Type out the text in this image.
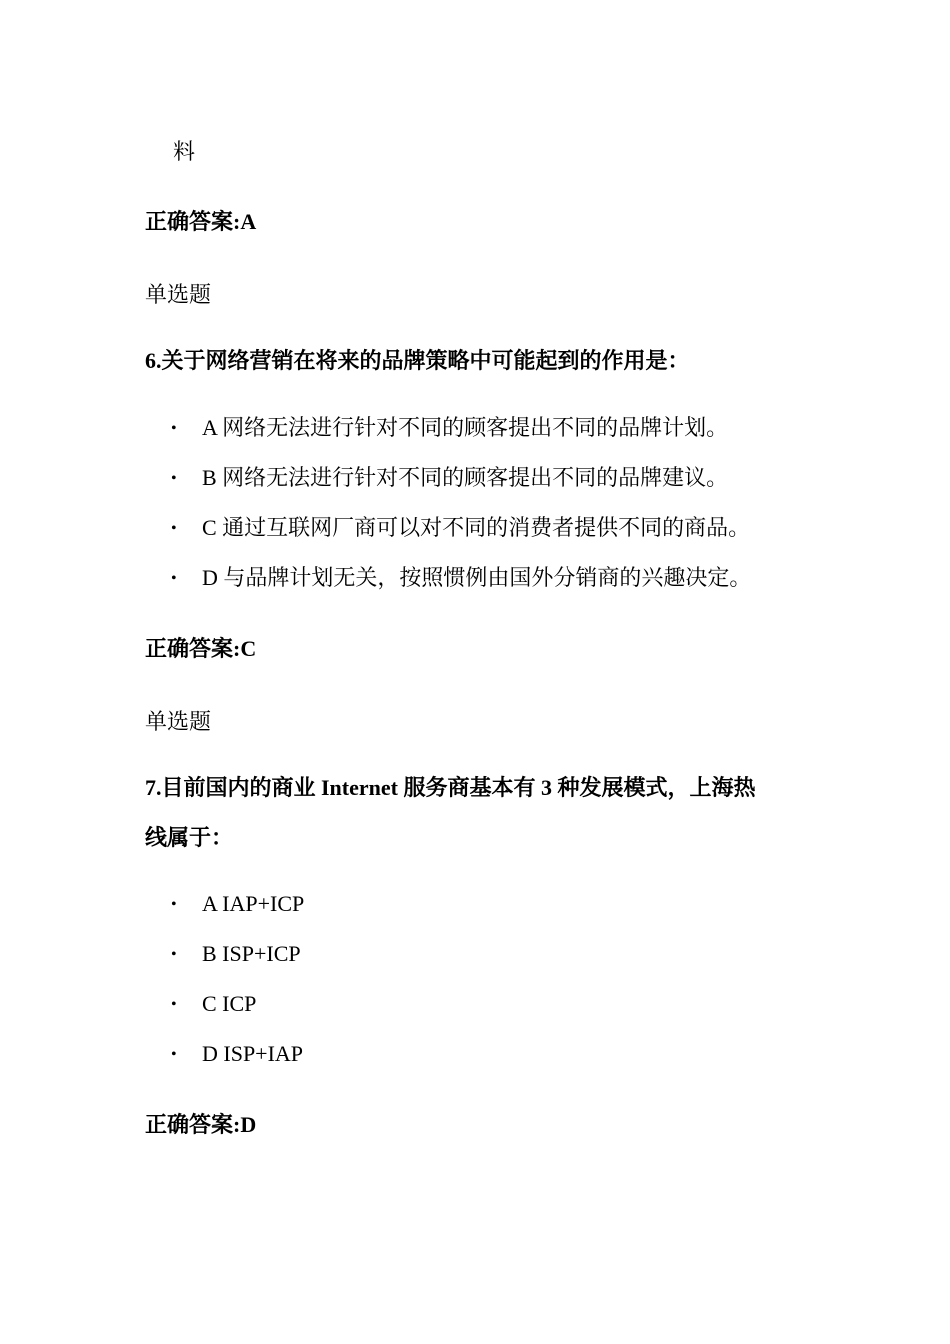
料
正确答案:A
单选题
6.关于网络营销在将来的品牌策略中可能起到的作用是：
• A 网络无法进行针对不同的顾客提出不同的品牌计划。
• B 网络无法进行针对不同的顾客提出不同的品牌建议。
• C 通过互联网厂商可以对不同的消费者提供不同的商品。
• D 与品牌计划无关，按照惯例由国外分销商的兴趣决定。
正确答案:C
单选题
7.目前国内的商业 Internet 服务商基本有 3 种发展模式，上海热
线属于：
• A IAP+ICP
• B ISP+ICP
• C ICP
• D ISP+IAP
正确答案:D
